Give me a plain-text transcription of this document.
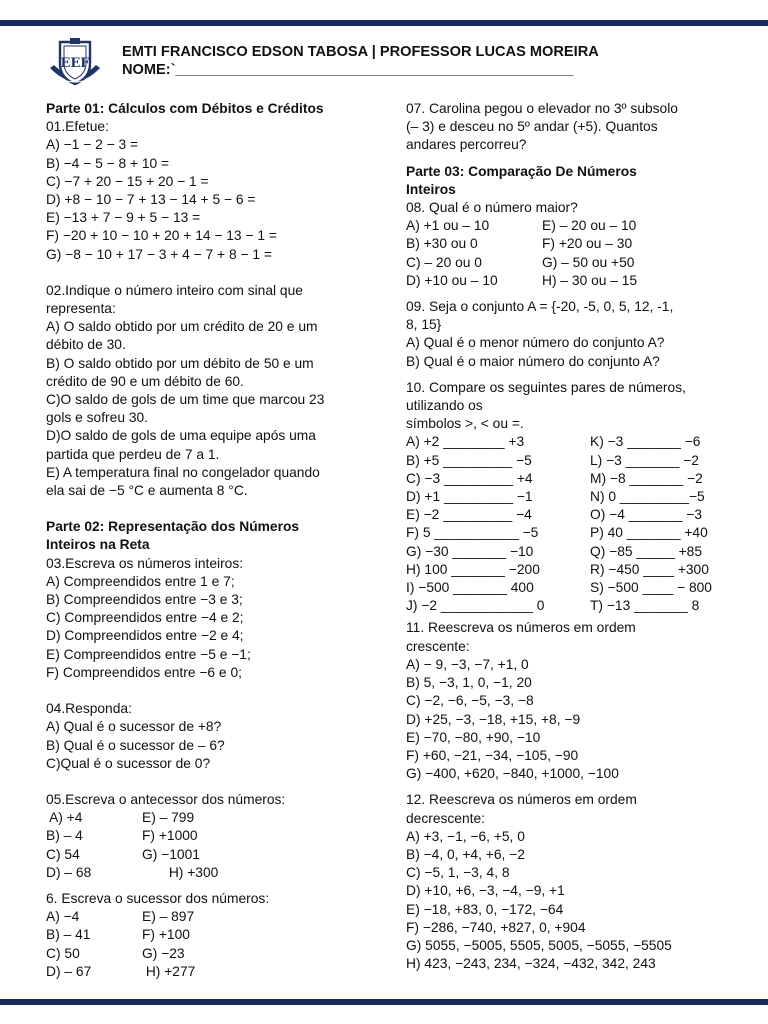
EEF
EMTI FRANCISCO EDSON TABOSA | PROFESSOR LUCAS MOREIRA
NOME:`_________________________________________________
Parte 01: Cálculos com Débitos e Créditos
01.Efetue:
A) −1 − 2 − 3 =
B) −4 − 5 − 8 + 10 =
C) −7 + 20 − 15 + 20 − 1 =
D) +8 − 10 − 7 + 13 − 14 + 5 − 6 =
E) −13 + 7 − 9 + 5 − 13 =
F) −20 + 10 − 10 + 20 + 14 − 13 − 1 =
G) −8 − 10 + 17 − 3 + 4 − 7 + 8 − 1 =
02.Indique o número inteiro com sinal que
representa:
A) O saldo obtido por um crédito de 20 e um
débito de 30.
B) O saldo obtido por um débito de 50 e um
crédito de 90 e um débito de 60.
C)O saldo de gols de um time que marcou 23
gols e sofreu 30.
D)O saldo de gols de uma equipe após uma
partida que perdeu de 7 a 1.
E) A temperatura final no congelador quando
ela sai de −5 °C e aumenta 8 °C.
Parte 02: Representação dos Números
Inteiros na Reta
03.Escreva os números inteiros:
A) Compreendidos entre 1 e 7;
B) Compreendidos entre −3 e 3;
C) Compreendidos entre −4 e 2;
D) Compreendidos entre −2 e 4;
E) Compreendidos entre −5 e −1;
F) Compreendidos entre −6 e 0;
04.Responda:
A) Qual é o sucessor de +8?
B) Qual é o sucessor de – 6?
C)Qual é o sucessor de 0?
05.Escreva o antecessor dos números:
A) +4	E) – 799
B) – 4	F) +1000
C) 54	G) −1001
D) – 68	H) +300
6. Escreva o sucessor dos números:
A) −4	E) – 897
B) – 41	F) +100
C) 50	G) −23
D) – 67	H) +277
07. Carolina pegou o elevador no 3º subsolo
(– 3) e desceu no 5º andar (+5). Quantos
andares percorreu?
Parte 03: Comparação De Números
Inteiros
08. Qual é o número maior?
A) +1 ou – 10	E) – 20 ou – 10
B) +30 ou 0	F) +20 ou – 30
C) – 20 ou 0	G) – 50 ou +50
D) +10 ou – 10	H) – 30 ou – 15
09. Seja o conjunto A = {-20, -5, 0, 5, 12, -1,
8, 15}
A) Qual é o menor número do conjunto A?
B) Qual é o maior número do conjunto A?
10. Compare os seguintes pares de números,
utilizando os
símbolos >, < ou =.
A) +2 ________ +3	K) −3 _______ −6
B) +5 _________ −5	L) −3 _______ −2
C) −3 _________ +4	M) −8 _______ −2
D) +1 _________ −1	N) 0 _________−5
E) −2 _________ −4	O) −4 _______ −3
F) 5 ___________ −5	P) 40 _______ +40
G) −30 _______ −10	Q) −85 _____ +85
H) 100 _______ −200	R) −450 ____ +300
I) −500 _______ 400	S) −500 ____ − 800
J) −2 ____________ 0	T) −13 _______ 8
11. Reescreva os números em ordem
crescente:
A) − 9, −3, −7, +1, 0
B) 5, −3, 1, 0, −1, 20
C) −2, −6, −5, −3, −8
D) +25, −3, −18, +15, +8, −9
E) −70, −80, +90, −10
F) +60, −21, −34, −105, −90
G) −400, +620, −840, +1000, −100
12. Reescreva os números em ordem
decrescente:
A) +3, −1, −6, +5, 0
B) −4, 0, +4, +6, −2
C) −5, 1, −3, 4, 8
D) +10, +6, −3, −4, −9, +1
E) −18, +83, 0, −172, −64
F) −286, −740, +827, 0, +904
G) 5055, −5005, 5505, 5005, −5055, −5505
H) 423, −243, 234, −324, −432, 342, 243
